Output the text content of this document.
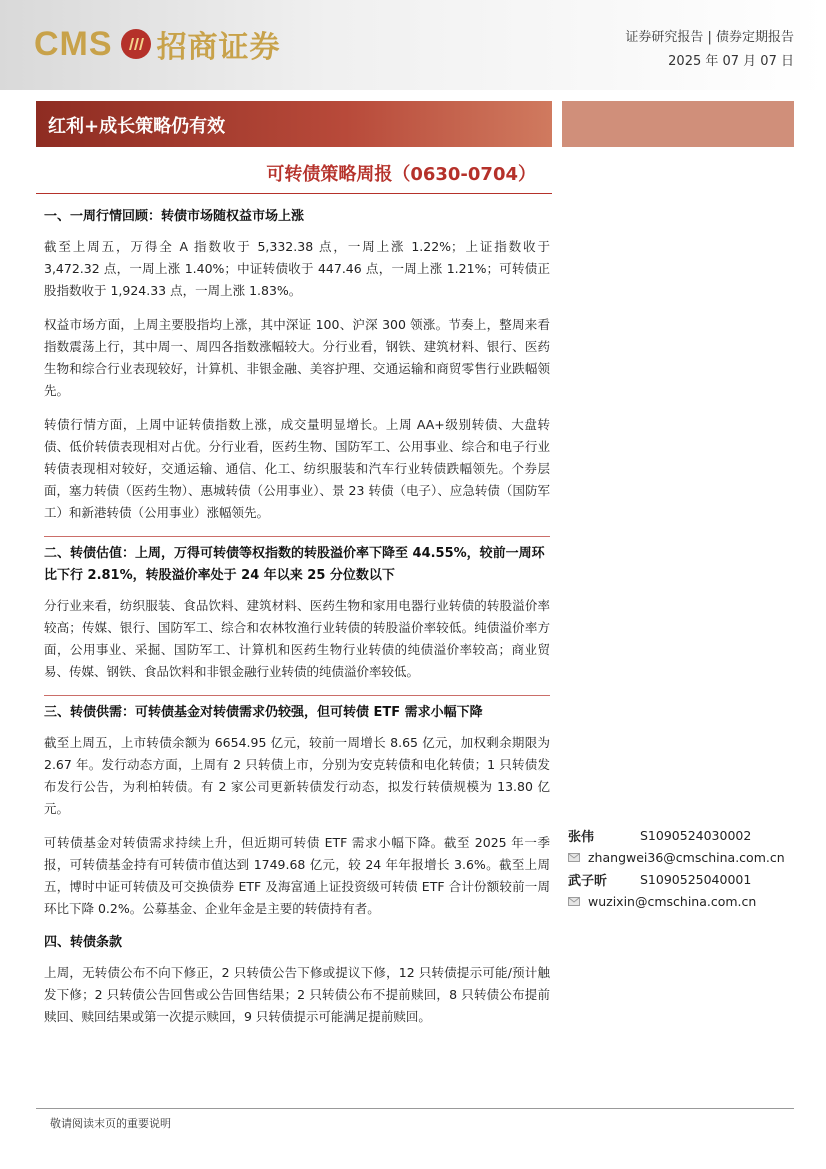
CMS 招商证券	证券研究报告 | 债券定期报告
2025 年 07 月 07 日
红利+成长策略仍有效
可转债策略周报（0630-0704）
一、一周行情回顾：转债市场随权益市场上涨

截至上周五，万得全 A 指数收于 5,332.38 点，一周上涨 1.22%；上证指数收于 3,472.32 点，一周上涨 1.40%；中证转债收于 447.46 点，一周上涨 1.21%；可转债正股指数收于 1,924.33 点，一周上涨 1.83%。

权益市场方面，上周主要股指均上涨，其中深证 100、沪深 300 领涨。节奏上，整周来看指数震荡上行，其中周一、周四各指数涨幅较大。分行业看，钢铁、建筑材料、银行、医药生物和综合行业表现较好，计算机、非银金融、美容护理、交通运输和商贸零售行业跌幅领先。

转债行情方面，上周中证转债指数上涨，成交量明显增长。上周 AA+级别转债、大盘转债、低价转债表现相对占优。分行业看，医药生物、国防军工、公用事业、综合和电子行业转债表现相对较好，交通运输、通信、化工、纺织服装和汽车行业转债跌幅领先。个券层面，塞力转债（医药生物）、惠城转债（公用事业）、景 23 转债（电子）、应急转债（国防军工）和新港转债（公用事业）涨幅领先。

二、转债估值：上周，万得可转债等权指数的转股溢价率下降至 44.55%，较前一周环比下行 2.81%，转股溢价率处于 24 年以来 25 分位数以下

分行业来看，纺织服装、食品饮料、建筑材料、医药生物和家用电器行业转债的转股溢价率较高；传媒、银行、国防军工、综合和农林牧渔行业转债的转股溢价率较低。纯债溢价率方面，公用事业、采掘、国防军工、计算机和医药生物行业转债的纯债溢价率较高；商业贸易、传媒、钢铁、食品饮料和非银金融行业转债的纯债溢价率较低。

三、转债供需：可转债基金对转债需求仍较强，但可转债 ETF 需求小幅下降

截至上周五，上市转债余额为 6654.95 亿元，较前一周增长 8.65 亿元，加权剩余期限为 2.67 年。发行动态方面，上周有 2 只转债上市，分别为安克转债和电化转债；1 只转债发布发行公告，为利柏转债。有 2 家公司更新转债发行动态，拟发行转债规模为 13.80 亿元。

可转债基金对转债需求持续上升，但近期可转债 ETF 需求小幅下降。截至 2025 年一季报，可转债基金持有可转债市值达到 1749.68 亿元，较 24 年年报增长 3.6%。截至上周五，博时中证可转债及可交换债券 ETF 及海富通上证投资级可转债 ETF 合计份额较前一周环比下降 0.2%。公募基金、企业年金是主要的转债持有者。

四、转债条款

上周，无转债公布不向下修正，2 只转债公告下修或提议下修，12 只转债提示可能/预计触发下修；2 只转债公告回售或公告回售结果；2 只转债公布不提前赎回，8 只转债公布提前赎回、赎回结果或第一次提示赎回，9 只转债提示可能满足提前赎回。

张伟	S1090524030002
zhangwei36@cmschina.com.cn
武子昕	S1090525040001
wuzixin@cmschina.com.cn
敬请阅读末页的重要说明
